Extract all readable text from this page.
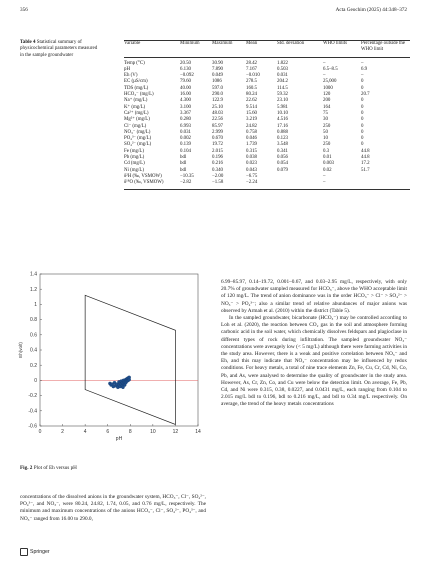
356	Acta Geochim (2025) 44:348–372
Table 4 Statistical summary of physicochemical parameters measured in the sample groundwater
Variable	Minimum	Maximum	Mean	Std. deviation	WHO limits	Percentage outside the WHO limit
Temp (°C)	20.50	30.90	28.42	1.822	–	–
pH	6.130	7.890	7.167	0.503	6.5–8.5	6.9
Eh (V)	−0.092	0.049	−0.010	0.031	–	–
EC (µS/cm)	79.60	1086	278.5	204.2	25,000	0
TDS (mg/L)	40.00	597.0	160.5	114.5	1000	0
HCO₃⁻ (mg/L)	16.00	290.0	80.24	59.32	120	20.7
Na⁺ (mg/L)	4.300	122.9	22.62	23.10	200	0
K⁺ (mg/L)	3.100	25.10	9.514	5.981	164	0
Ca²⁺ (mg/L)	3.367	48.03	15.60	10.10	75	0
Mg²⁺ (mg/L)	0.280	22.56	3.219	4.516	30	0
Cl⁻ (mg/L)	6.993	85.97	24.82	17.16	250	0
NO₃⁻ (mg/L)	0.031	2.999	0.758	0.888	50	0
PO₄³⁻ (mg/L)	0.002	0.670	0.046	0.123	10	0
SO₄²⁻ (mg/L)	0.139	19.72	1.739	3.548	250	0
Fe (mg/L)	0.104	2.015	0.315	0.341	0.3	44.8
Pb (mg/L)	bdl	0.196	0.038	0.056	0.01	44.8
Cd (mg/L)	bdl	0.216	0.023	0.054	0.003	17.2
Ni (mg/L)	bdl	0.340	0.043	0.079	0.02	51.7
δ²H (‰, VSMOW)	−10.35	−2.00	−6.75		–	
δ¹⁸O (‰, VSMOW)	−2.82	−1.58	−2.24		–	
1.4
1.2
1
0.8
0.6
0.4
0.2
0
-0.2
-0.4
-0.6
0	2	4	6	8	10	12	14
pH
Eh(volt)
Fig. 2 Plot of Eh versus pH

concentrations of the dissolved anions in the groundwater system, HCO₃⁻, Cl⁻, SO₄²⁻, PO₄³⁻, and NO₃⁻, were 80.24, 24.82, 1.74, 0.05, and 0.76 mg/L, respectively. The minimum and maximum concentrations of the anions HCO₃⁻, Cl⁻, SO₄²⁻, PO₄³⁻, and NO₃⁻ ranged from 16.00 to 290.0,

6.99–85.97, 0.14–19.72, 0.001–0.67, and 0.03–2.95 mg/L, respectively, with only 20.7% of groundwater sampled measured for HCO₃⁻, above the WHO acceptable limit of 120 mg/L. The trend of anion dominance was in the order HCO₃⁻ > Cl⁻ > SO₄²⁻ > NO₃⁻ > PO₄³⁻; also a similar trend of relative abundances of major anions was observed by Armah et al. (2010) within the district (Table 5).

In the sampled groundwater, bicarbonate (HCO₃⁻) may be controlled according to Loh et al. (2020), the reaction between CO₂ gas in the soil and atmosphere forming carbonic acid in the soil water, which chemically dissolves feldspars and plagioclase in different types of rock during infiltration. The sampled groundwater NO₃⁻ concentrations were averagely low (< 5 mg/L) although there were farming activities in the study area. However, there is a weak and positive correlation between NO₃⁻ and Eh, and this may indicate that NO₃⁻ concentration may be influenced by redox conditions. For heavy metals, a total of nine trace elements Zn, Fe, Cu, Cr, Cd, Ni, Co, Pb, and As, were analysed to determine the quality of groundwater in the study area. However, As, Cr, Zn, Co, and Cu were below the detection limit. On average, Fe, Pb, Cd, and Ni were 0.315, 0.38, 0.0227, and 0.0431 mg/L, each ranging from 0.104 to 2.015 mg/L bdl to 0.196, bdl to 0.216 mg/L, and bdl to 0.34 mg/L respectively. On average, the trend of the heavy metals concentrations

Springer
